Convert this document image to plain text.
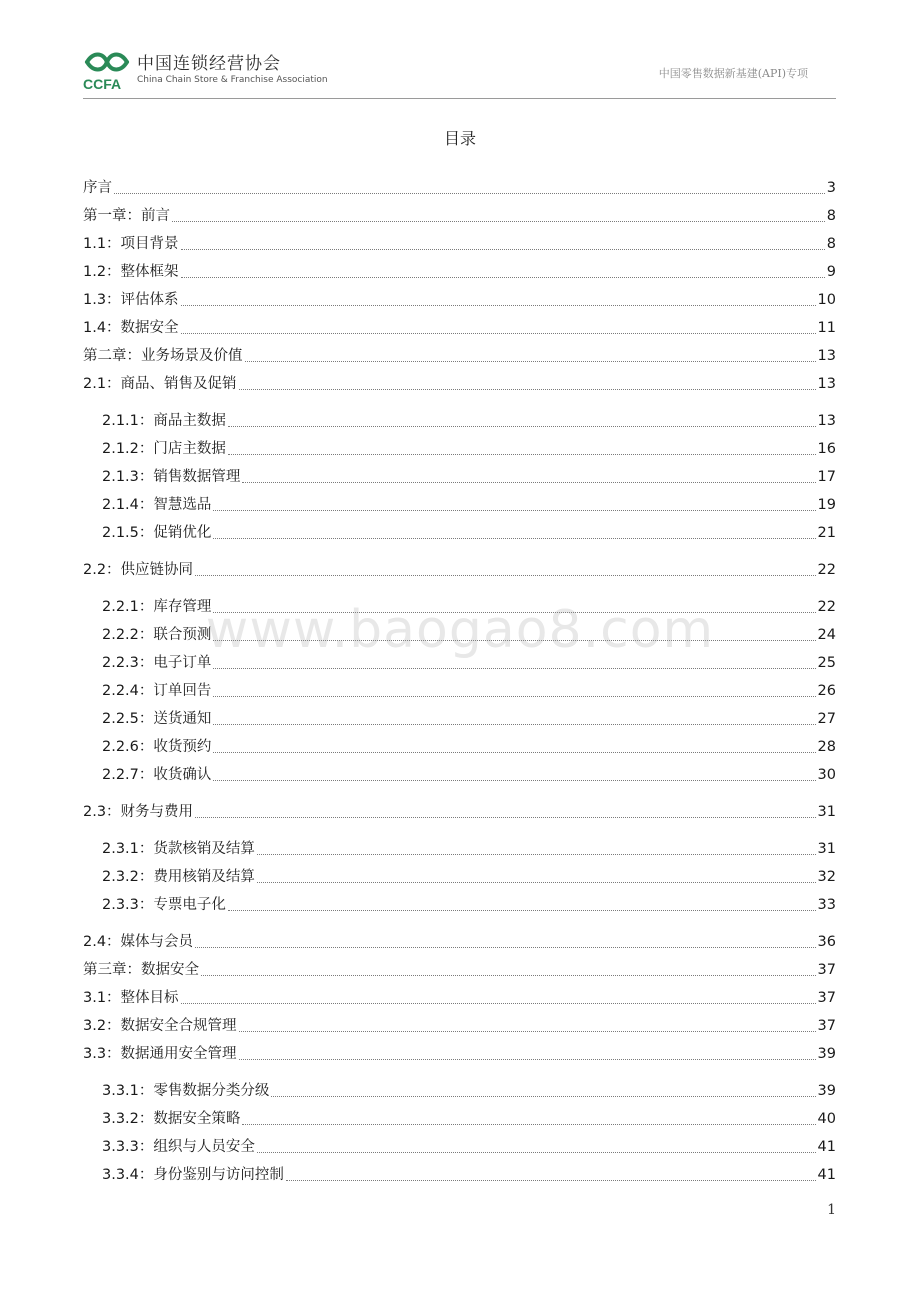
CCFA
中国连锁经营协会
China Chain Store & Franchise Association	中国零售数据新基建(API)专项
目录
序言	3
第一章：前言	8
1.1：项目背景	8
1.2：整体框架	9
1.3：评估体系	10
1.4：数据安全	11
第二章：业务场景及价值	13
2.1：商品、销售及促销	13
2.1.1：商品主数据	13
2.1.2：门店主数据	16
2.1.3：销售数据管理	17
2.1.4：智慧选品	19
2.1.5：促销优化	21
2.2：供应链协同	22
2.2.1：库存管理	22
2.2.2：联合预测	24
2.2.3：电子订单	25
2.2.4：订单回告	26
2.2.5：送货通知	27
2.2.6：收货预约	28
2.2.7：收货确认	30
2.3：财务与费用	31
2.3.1：货款核销及结算	31
2.3.2：费用核销及结算	32
2.3.3：专票电子化	33
2.4：媒体与会员	36
第三章：数据安全	37
3.1：整体目标	37
3.2：数据安全合规管理	37
3.3：数据通用安全管理	39
3.3.1：零售数据分类分级	39
3.3.2：数据安全策略	40
3.3.3：组织与人员安全	41
3.3.4：身份鉴别与访问控制	41
www.baogao8.com
1
